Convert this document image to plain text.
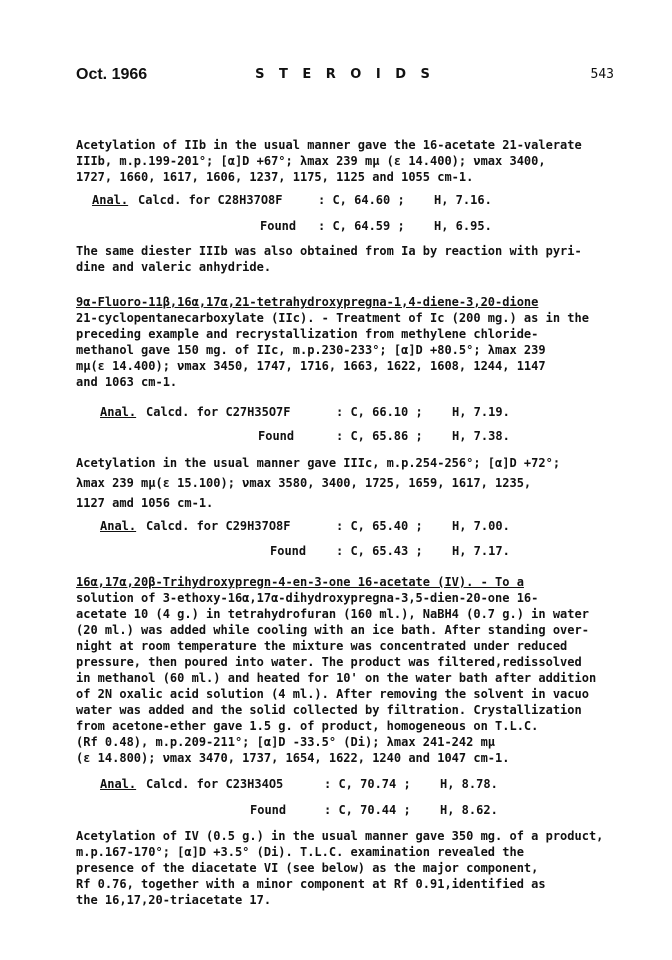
Oct. 1966	S T E R O I D S	543
Acetylation of IIb in the usual manner gave the 16-acetate 21-valerate
IIIb, m.p.199-201°; [α]D +67°; λmax 239 mμ (ε 14.400); νmax 3400,
1727, 1660, 1617, 1606, 1237, 1175, 1125 and 1055 cm-1.
Anal. Calcd. for C28H37O8F	: C, 64.60 ; H, 7.16.
Found : C, 64.59 ; H, 6.95.
The same diester IIIb was also obtained from Ia by reaction with pyri-
dine and valeric anhydride.
9α-Fluoro-11β,16α,17α,21-tetrahydroxypregna-1,4-diene-3,20-dione
21-cyclopentanecarboxylate (IIc). - Treatment of Ic (200 mg.) as in the
preceding example and recrystallization from methylene chloride-
methanol gave 150 mg. of IIc, m.p.230-233°; [α]D +80.5°; λmax 239
mμ(ε 14.400); νmax 3450, 1747, 1716, 1663, 1622, 1608, 1244, 1147
and 1063 cm-1.
Anal. Calcd. for C27H35O7F	: C, 66.10 ; H, 7.19.
Found	: C, 65.86 ; H, 7.38.
Acetylation in the usual manner gave IIIc, m.p.254-256°; [α]D +72°;
λmax 239 mμ(ε 15.100); νmax 3580, 3400, 1725, 1659, 1617, 1235,
1127 amd 1056 cm-1.
Anal. Calcd. for C29H37O8F	: C, 65.40 ; H, 7.00.
Found : C, 65.43 ; H, 7.17.
16α,17α,20β-Trihydroxypregn-4-en-3-one 16-acetate (IV). - To a
solution of 3-ethoxy-16α,17α-dihydroxypregna-3,5-dien-20-one 16-
acetate 10 (4 g.) in tetrahydrofuran (160 ml.), NaBH4 (0.7 g.) in water
(20 ml.) was added while cooling with an ice bath. After standing over-
night at room temperature the mixture was concentrated under reduced
pressure, then poured into water. The product was filtered,redissolved
in methanol (60 ml.) and heated for 10' on the water bath after addition
of 2N oxalic acid solution (4 ml.). After removing the solvent in vacuo
water was added and the solid collected by filtration. Crystallization
from acetone-ether gave 1.5 g. of product, homogeneous on T.L.C.
(Rf 0.48), m.p.209-211°; [α]D -33.5° (Di); λmax 241-242 mμ
(ε 14.800); νmax 3470, 1737, 1654, 1622, 1240 and 1047 cm-1.
Anal. Calcd. for C23H34O5	: C, 70.74 ; H, 8.78.
Found	: C, 70.44 ; H, 8.62.
Acetylation of IV (0.5 g.) in the usual manner gave 350 mg. of a product,
m.p.167-170°; [α]D +3.5° (Di). T.L.C. examination revealed the
presence of the diacetate VI (see below) as the major component,
Rf 0.76, together with a minor component at Rf 0.91,identified as
the 16,17,20-triacetate 17.
